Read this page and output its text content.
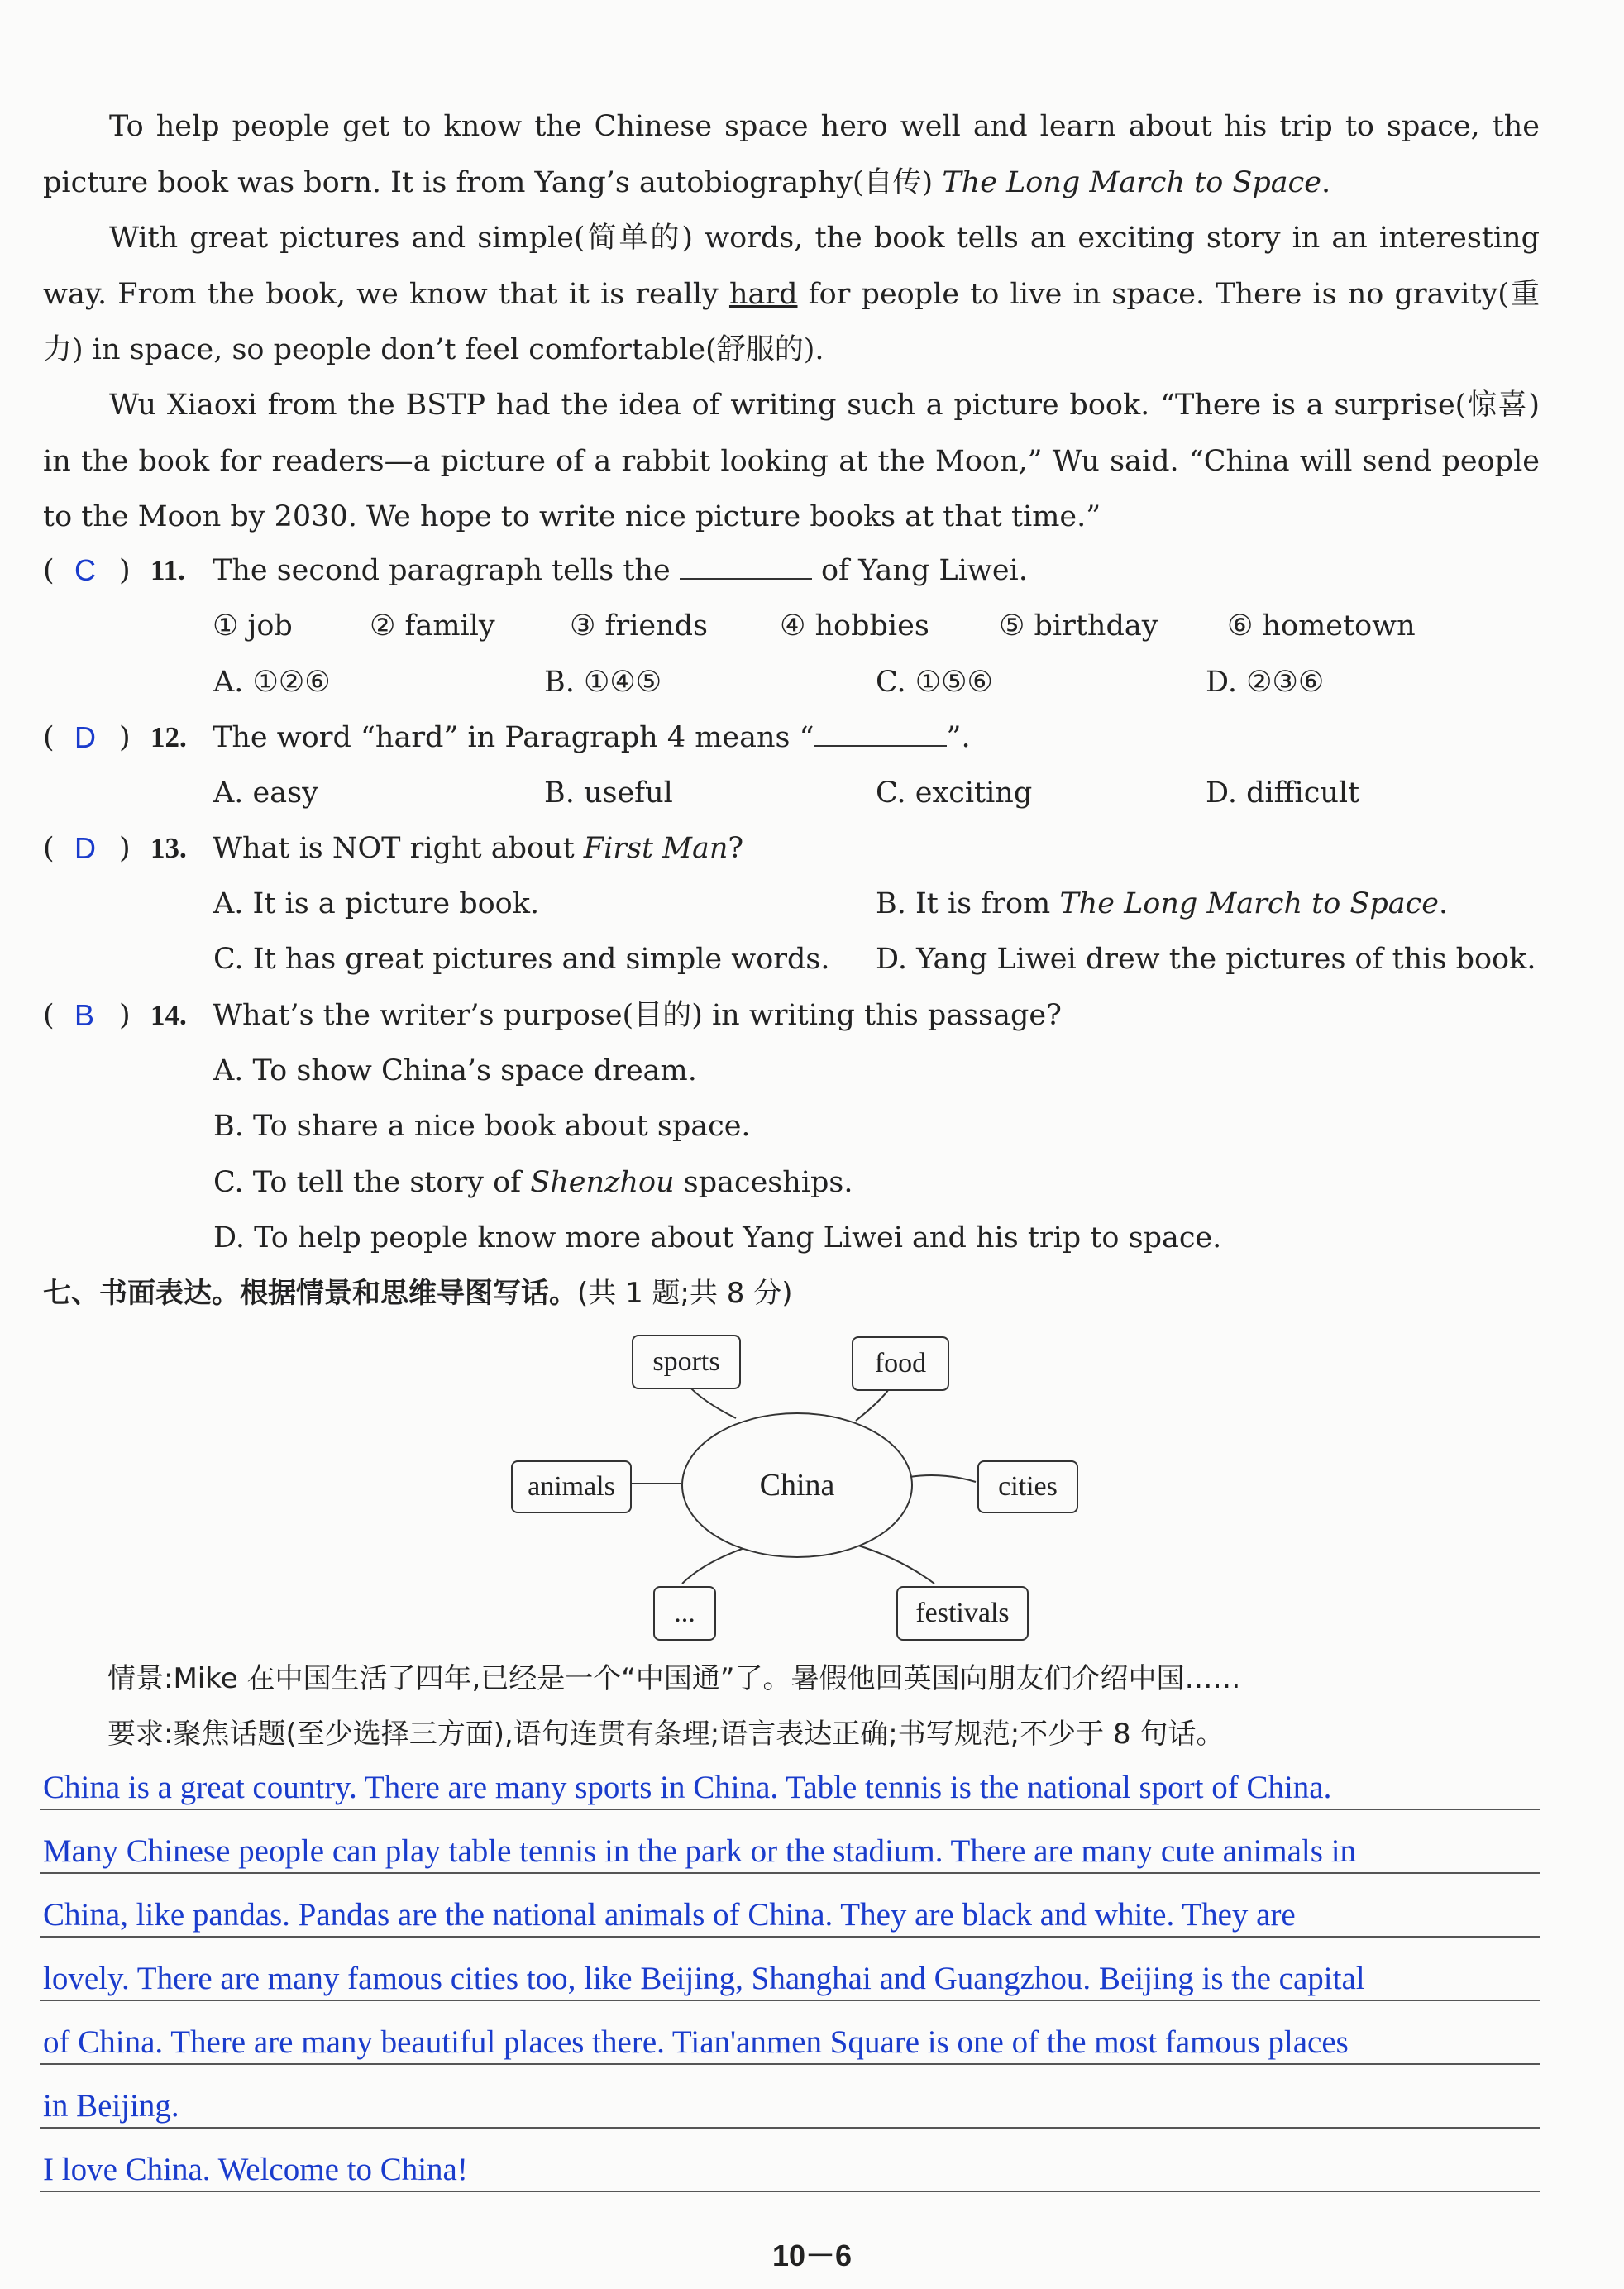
To help people get to know the Chinese space hero well and learn about his trip to space, the picture book was born. It is from Yang’s autobiography(自传) The Long March to Space.

With great pictures and simple(简单的) words, the book tells an exciting story in an interesting way. From the book, we know that it is really hard for people to live in space. There is no gravity(重力) in space, so people don’t feel comfortable(舒服的).

Wu Xiaoxi from the BSTP had the idea of writing such a picture book. “There is a surprise(惊喜) in the book for readers—a picture of a rabbit looking at the Moon,” Wu said. “China will send people to the Moon by 2030. We hope to write nice picture books at that time.”

( C ) 11. The second paragraph tells the	of Yang Liwei.
① job	② family	③ friends ④ hobbies ⑤ birthday ⑥ hometown
A. ①②⑥	B. ①④⑤	C. ①⑤⑥	D. ②③⑥
( D ) 12. The word “hard” in Paragraph 4 means “	”.
A. easy	B. useful	C. exciting	D. difficult
( D ) 13. What is NOT right about First Man?
A. It is a picture book.	B. It is from The Long March to Space.
C. It has great pictures and simple words. D. Yang Liwei drew the pictures of this book.
( B ) 14. What’s the writer’s purpose(目的) in writing this passage?
A. To show China’s space dream.
B. To share a nice book about space.
C. To tell the story of Shenzhou spaceships.
D. To help people know more about Yang Liwei and his trip to space.
七、书面表达。根据情景和思维导图写话。(共 1 题;共 8 分)
China
sports	food
animals	cities
...	festivals
情景:Mike 在中国生活了四年,已经是一个“中国通”了。暑假他回英国向朋友们介绍中国……
要求:聚焦话题(至少选择三方面),语句连贯有条理;语言表达正确;书写规范;不少于 8 句话。
China is a great country. There are many sports in China. Table tennis is the national sport of China.
Many Chinese people can play table tennis in the park or the stadium. There are many cute animals in
China, like pandas. Pandas are the national animals of China. They are black and white. They are
lovely. There are many famous cities too, like Beijing, Shanghai and Guangzhou. Beijing is the capital
of China. There are many beautiful places there. Tian'anmen Square is one of the most famous places
in Beijing.
I love China. Welcome to China!
10－6
